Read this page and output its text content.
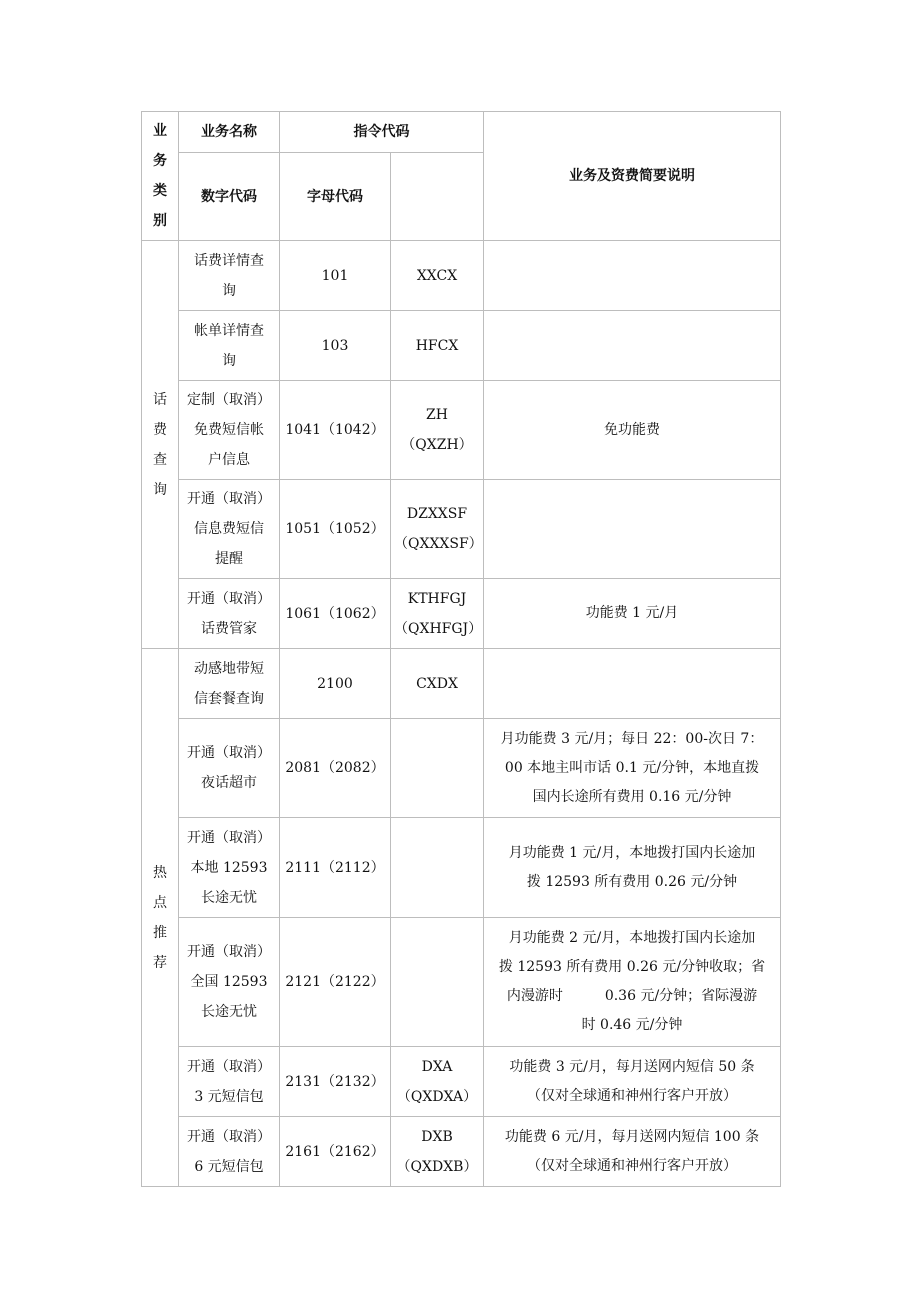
业务类别	业务名称	指令代码		业务及资费简要说明
	数字代码	字母代码		
话费查询	话费详情查
询	101	XXCX	
	帐单详情查
询	103	HFCX	
	定制（取消）
免费短信帐
户信息	1041（1042）	ZH（QXZH）	免功能费
	开通（取消）
信息费短信
提醒	1051（1052）	DZXXSF
（QXXXSF）	
	开通（取消）
话费管家	1061（1062）	KTHFGJ
（QXHFGJ）	功能费 1 元/月
热点推荐	动感地带短
信套餐查询	2100	CXDX	
	开通（取消）
夜话超市	2081（2082）		月功能费 3 元/月；每日 22：00-次日 7：
00 本地主叫市话 0.1 元/分钟，本地直拨
国内长途所有费用 0.16 元/分钟
	开通（取消）
本地 12593
长途无忧	2111（2112）		月功能费 1 元/月，本地拨打国内长途加
拨 12593 所有费用 0.26 元/分钟
	开通（取消）
全国 12593
长途无忧	2121（2122）		月功能费 2 元/月，本地拨打国内长途加
拨 12593 所有费用 0.26 元/分钟收取；省
内漫游时　　　0.36 元/分钟；省际漫游
时 0.46 元/分钟
	开通（取消）
3 元短信包	2131（2132）	DXA（QXDXA）	功能费 3 元/月，每月送网内短信 50 条
（仅对全球通和神州行客户开放）
	开通（取消）
6 元短信包	2161（2162）	DXB（QXDXB）	功能费 6 元/月，每月送网内短信 100 条
（仅对全球通和神州行客户开放）
